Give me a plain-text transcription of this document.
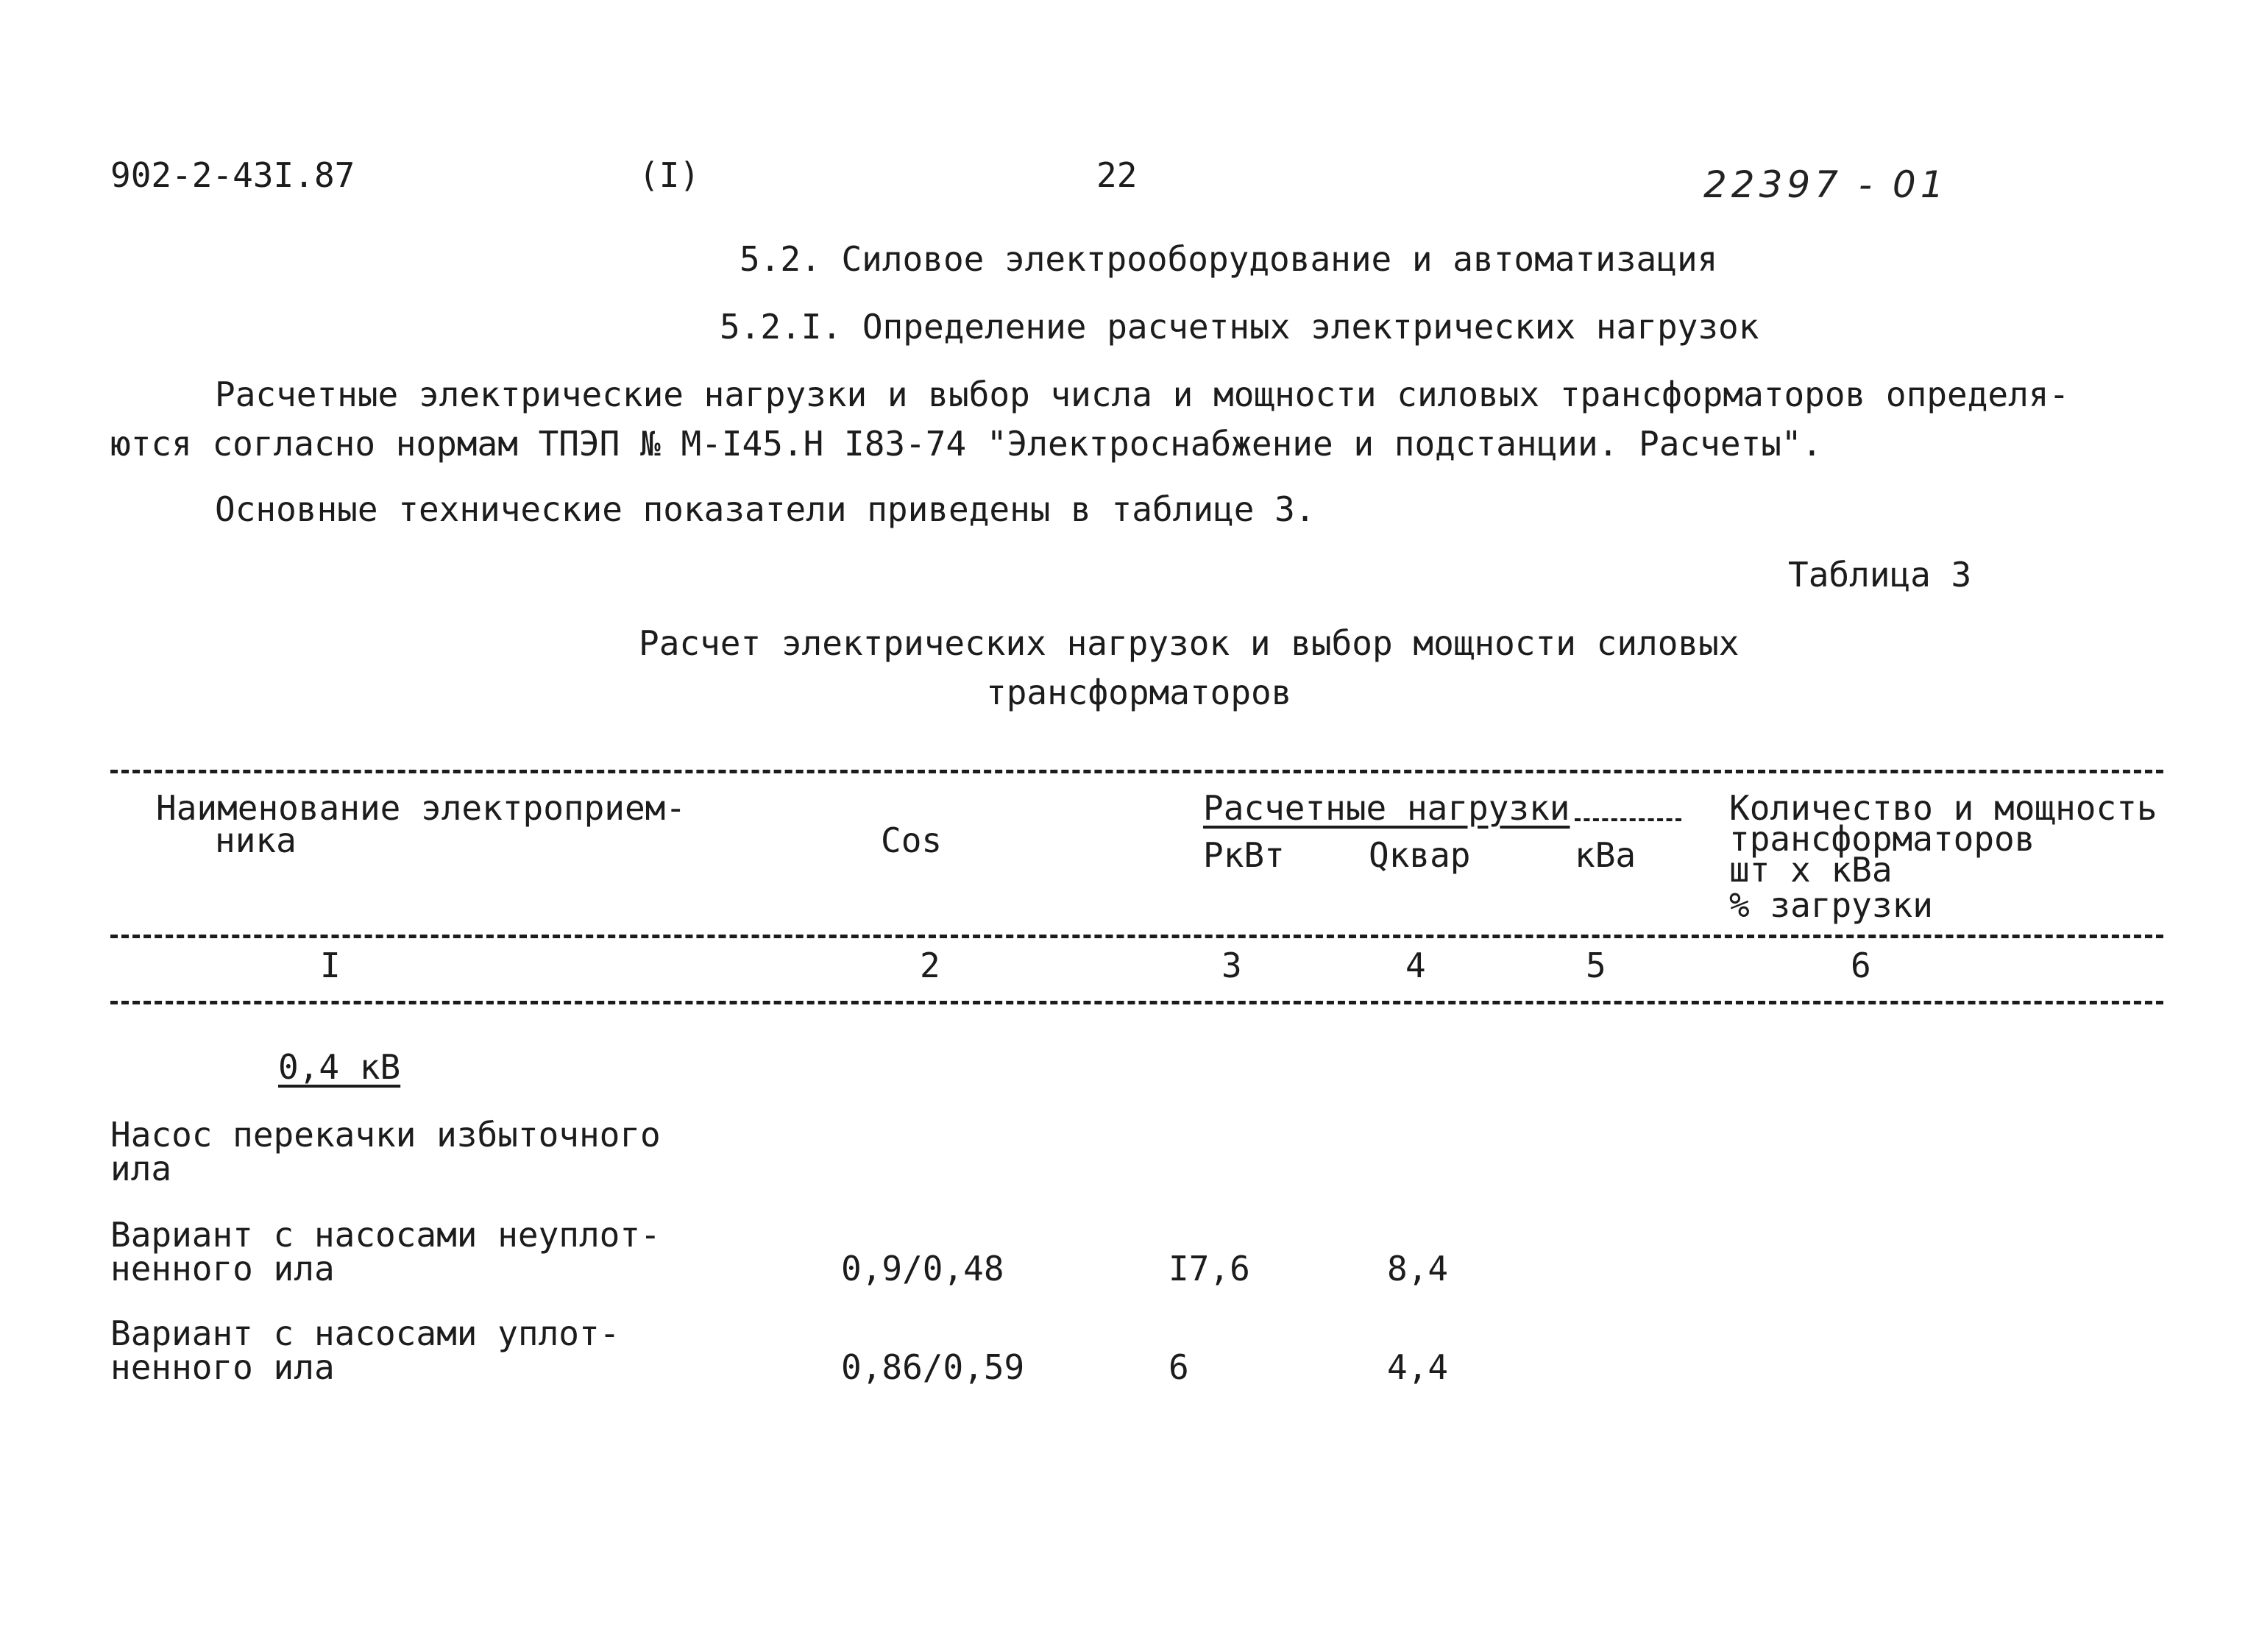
902-2-43I.87	(I)	22	22397 - 01
5.2. Силовое электрооборудование и автоматизация
5.2.I. Определение расчетных электрических нагрузок
Расчетные электрические нагрузки и выбор числа и мощности силовых трансформаторов определя-
ются согласно нормам ТПЭП № М-I45.Н I83-74 "Электроснабжение и подстанции. Расчеты".
Основные технические показатели приведены в таблице 3.
Таблица 3
Расчет электрических нагрузок и выбор мощности силовых
трансформаторов
Наименование электроприем-
ника	Cos
Расчетные нагрузки
РкВт Qквар	кВа
Количество и мощность
трансформаторов
шт х кВа
% загрузки
I	2	3	4	5	6
0,4 кВ
Насос перекачки избыточного
ила
Вариант с насосами неуплот-
ненного ила	0,9/0,48	I7,6	8,4
Вариант с насосами уплот-
ненного ила	0,86/0,59	6	4,4
